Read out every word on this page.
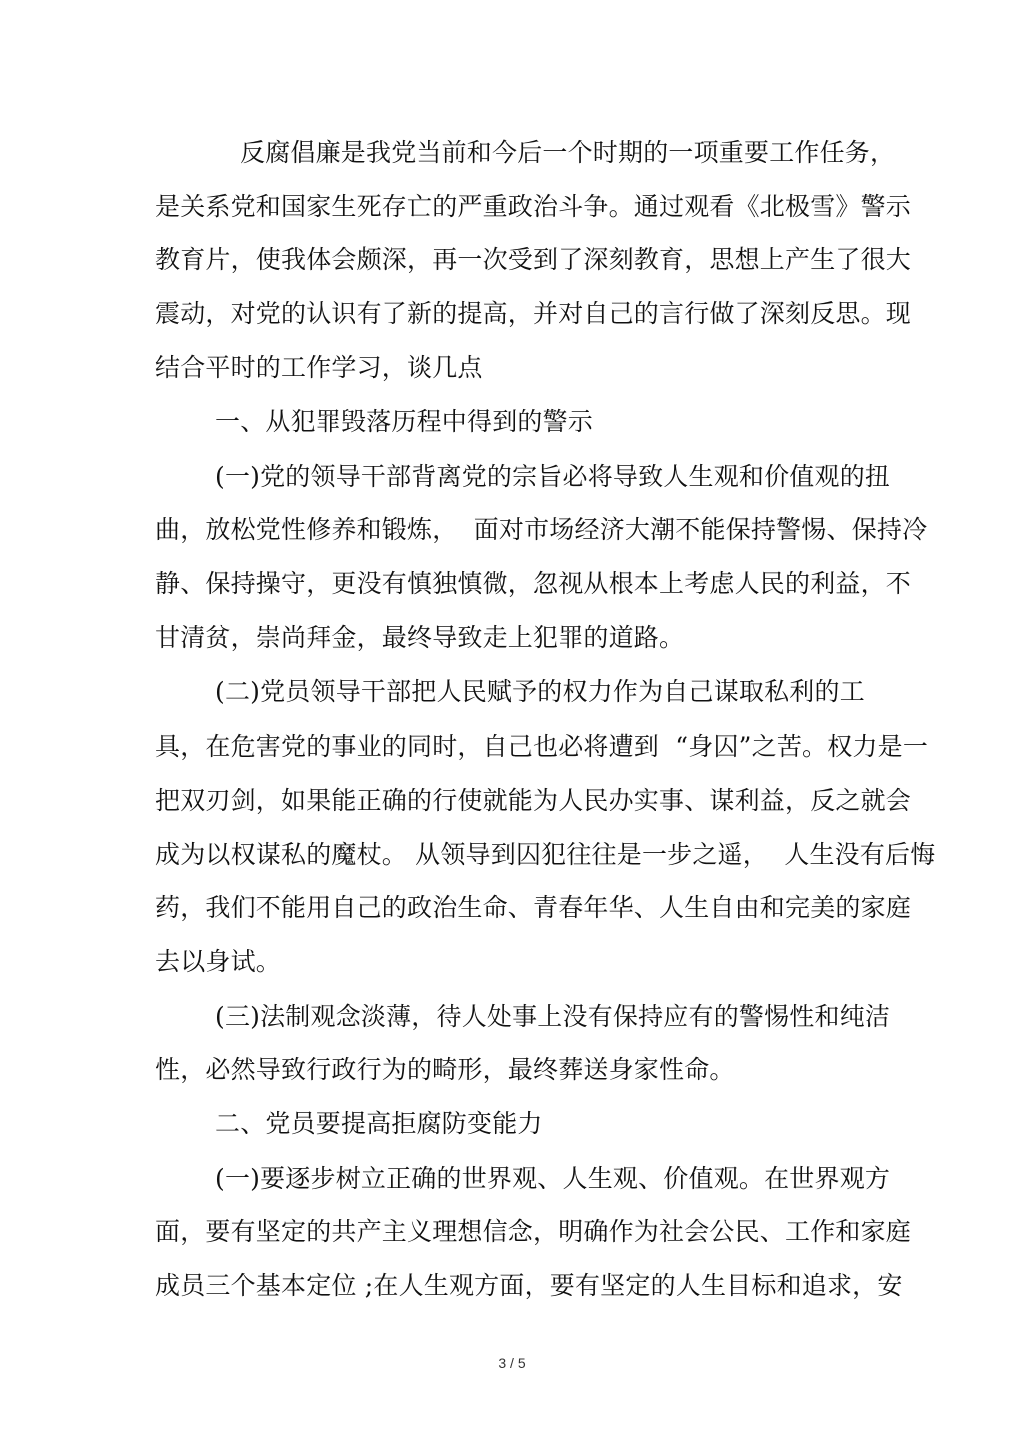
反腐倡廉是我党当前和今后一个时期的一项重要工作任务，
是关系党和国家生死存亡的严重政治斗争。通过观看《北极雪》警示
教育片，使我体会颇深，再一次受到了深刻教育，思想上产生了很大
震动，对党的认识有了新的提高，并对自己的言行做了深刻反思。现
结合平时的工作学习，谈几点
一、从犯罪毁落历程中得到的警示
(一)党的领导干部背离党的宗旨必将导致人生观和价值观的扭
曲，放松党性修养和锻炼，  面对市场经济大潮不能保持警惕、保持冷
静、保持操守，更没有慎独慎微，忽视从根本上考虑人民的利益，不
甘清贫，崇尚拜金，最终导致走上犯罪的道路。
(二)党员领导干部把人民赋予的权力作为自己谋取私利的工
具，在危害党的事业的同时，自己也必将遭到  “身囚”之苦。权力是一
把双刃剑，如果能正确的行使就能为人民办实事、谋利益，反之就会
成为以权谋私的魔杖。 从领导到囚犯往往是一步之遥，  人生没有后悔
药，我们不能用自己的政治生命、青春年华、人生自由和完美的家庭
去以身试。
(三)法制观念淡薄，待人处事上没有保持应有的警惕性和纯洁
性，必然导致行政行为的畸形，最终葬送身家性命。
二、党员要提高拒腐防变能力
(一)要逐步树立正确的世界观、人生观、价值观。在世界观方
面，要有坚定的共产主义理想信念，明确作为社会公民、工作和家庭
成员三个基本定位 ;在人生观方面，要有坚定的人生目标和追求，安
3 / 5
